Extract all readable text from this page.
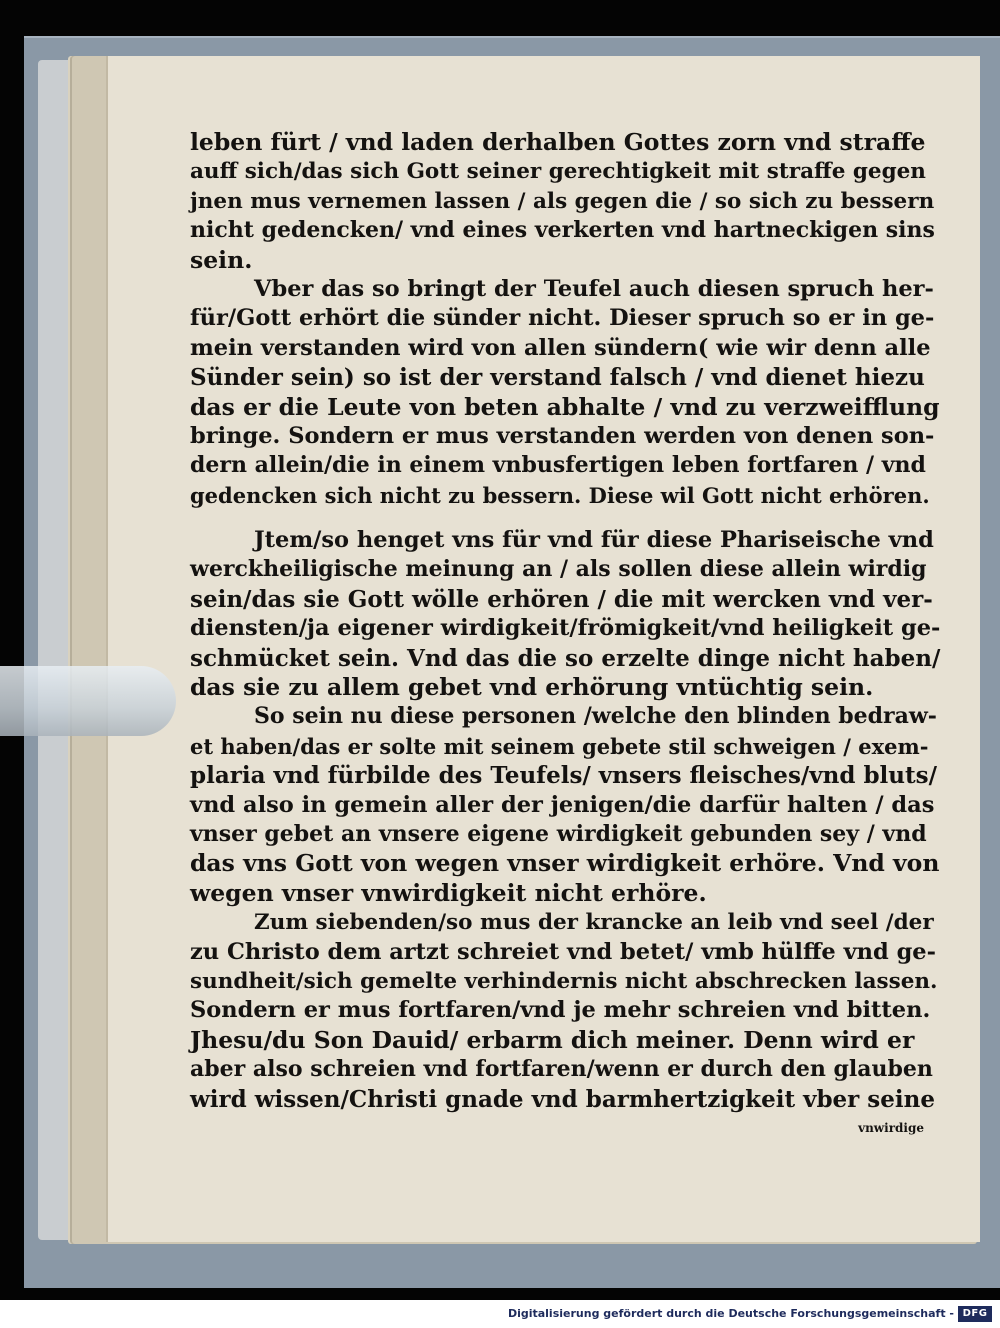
leben fürt / vnd laden derhalben Gottes zorn vnd straffe
auff sich/das sich Gott seiner gerechtigkeit mit straffe gegen
jnen mus vernemen lassen / als gegen die / so sich zu bessern
nicht gedencken/ vnd eines verkerten vnd hartneckigen sins
sein.
Vber das so bringt der Teufel auch diesen spruch her-
für/Gott erhört die sünder nicht. Dieser spruch so er in ge-
mein verstanden wird von allen sündern( wie wir denn alle
Sünder sein) so ist der verstand falsch / vnd dienet hiezu
das er die Leute von beten abhalte / vnd zu verzweifflung
bringe. Sondern er mus verstanden werden von denen son-
dern allein/die in einem vnbusfertigen leben fortfaren / vnd
gedencken sich nicht zu bessern. Diese wil Gott nicht erhören.
Jtem/so henget vns für vnd für diese Phariseische vnd
werckheiligische meinung an / als sollen diese allein wirdig
sein/das sie Gott wölle erhören / die mit wercken vnd ver-
diensten/ja eigener wirdigkeit/frömigkeit/vnd heiligkeit ge-
schmücket sein. Vnd das die so erzelte dinge nicht haben/
das sie zu allem gebet vnd erhörung vntüchtig sein.
So sein nu diese personen /welche den blinden bedraw-
et haben/das er solte mit seinem gebete stil schweigen / exem-
plaria vnd fürbilde des Teufels/ vnsers fleisches/vnd bluts/
vnd also in gemein aller der jenigen/die darfür halten / das
vnser gebet an vnsere eigene wirdigkeit gebunden sey / vnd
das vns Gott von wegen vnser wirdigkeit erhöre. Vnd von
wegen vnser vnwirdigkeit nicht erhöre.
Zum siebenden/so mus der krancke an leib vnd seel /der
zu Christo dem artzt schreiet vnd betet/ vmb hülffe vnd ge-
sundheit/sich gemelte verhindernis nicht abschrecken lassen.
Sondern er mus fortfaren/vnd je mehr schreien vnd bitten.
Jhesu/du Son Dauid/ erbarm dich meiner. Denn wird er
aber also schreien vnd fortfaren/wenn er durch den glauben
wird wissen/Christi gnade vnd barmhertzigkeit vber seine
vnwirdige
Digitalisierung gefördert durch die Deutsche Forschungsgemeinschaft - DFG
